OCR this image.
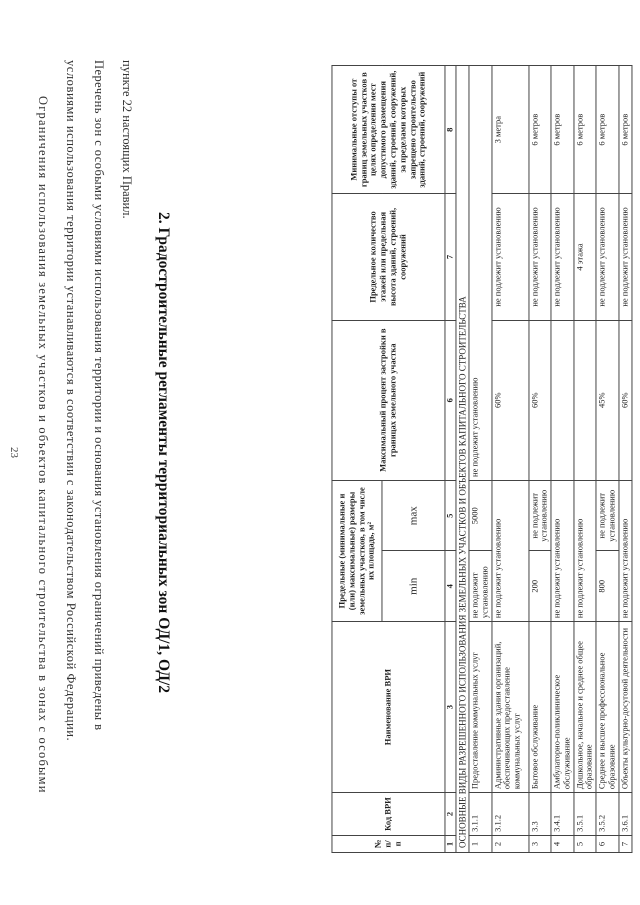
23 Ограничения использования земельных участков и объектов капитального строительства в зонах с особыми условиями использования территории устанавливаются в соответствии с законодательством Российской Федерации. Перечень зон с особыми условиями использования территории и основания установления ограничений приведены в пункте 22 настоящих Правил.
2. Градостроительные регламенты территориальных зон ОД/1, ОД/2
№ п/п	Код ВРИ	Наименование ВРИ	Предельные (минимальные и (или) максимальные) размеры земельных участков, в том числе их площадь, м²		Максимальный процент застройки в границах земельного участка	Предельное количество этажей или предельная высота зданий, строений, сооружений	Минимальные отступы от границ земельных участков в целях определения мест допустимого размещения зданий, строений, сооружений, за пределами которых запрещено строительство зданий, строений, сооружений
			min	max			
1	2	3	4	5	6	7	8
ОСНОВНЫЕ ВИДЫ РАЗРЕШЕННОГО ИСПОЛЬЗОВАНИЯ ЗЕМЕЛЬНЫХ УЧАСТКОВ И ОБЪЕКТОВ КАПИТАЛЬНОГО СТРОИТЕЛЬСТВА							
1	3.1.1	Предоставление коммунальных услуг	не подлежит установлению	5000	не подлежит установлению		
2	3.1.2	Административные здания организаций, обеспечивающих предоставление коммунальных услуг	не подлежит установлению		60%	не подлежит установлению	3 метра
3	3.3	Бытовое обслуживание	200	не подлежит установлению	60%	не подлежит установлению	6 метров
4	3.4.1	Амбулаторно-поликлиническое обслуживание	не подлежит установлению			не подлежит установлению	6 метров
5	3.5.1	Дошкольное, начальное и среднее общее образование	не подлежит установлению			4 этажа	6 метров
6	3.5.2	Среднее и высшее профессиональное образование	800	не подлежит установлению	45%	не подлежит установлению	6 метров
7	3.6.1	Объекты культурно-досуговой деятельности	не подлежит установлению		60%	не подлежит установлению	6 метров
